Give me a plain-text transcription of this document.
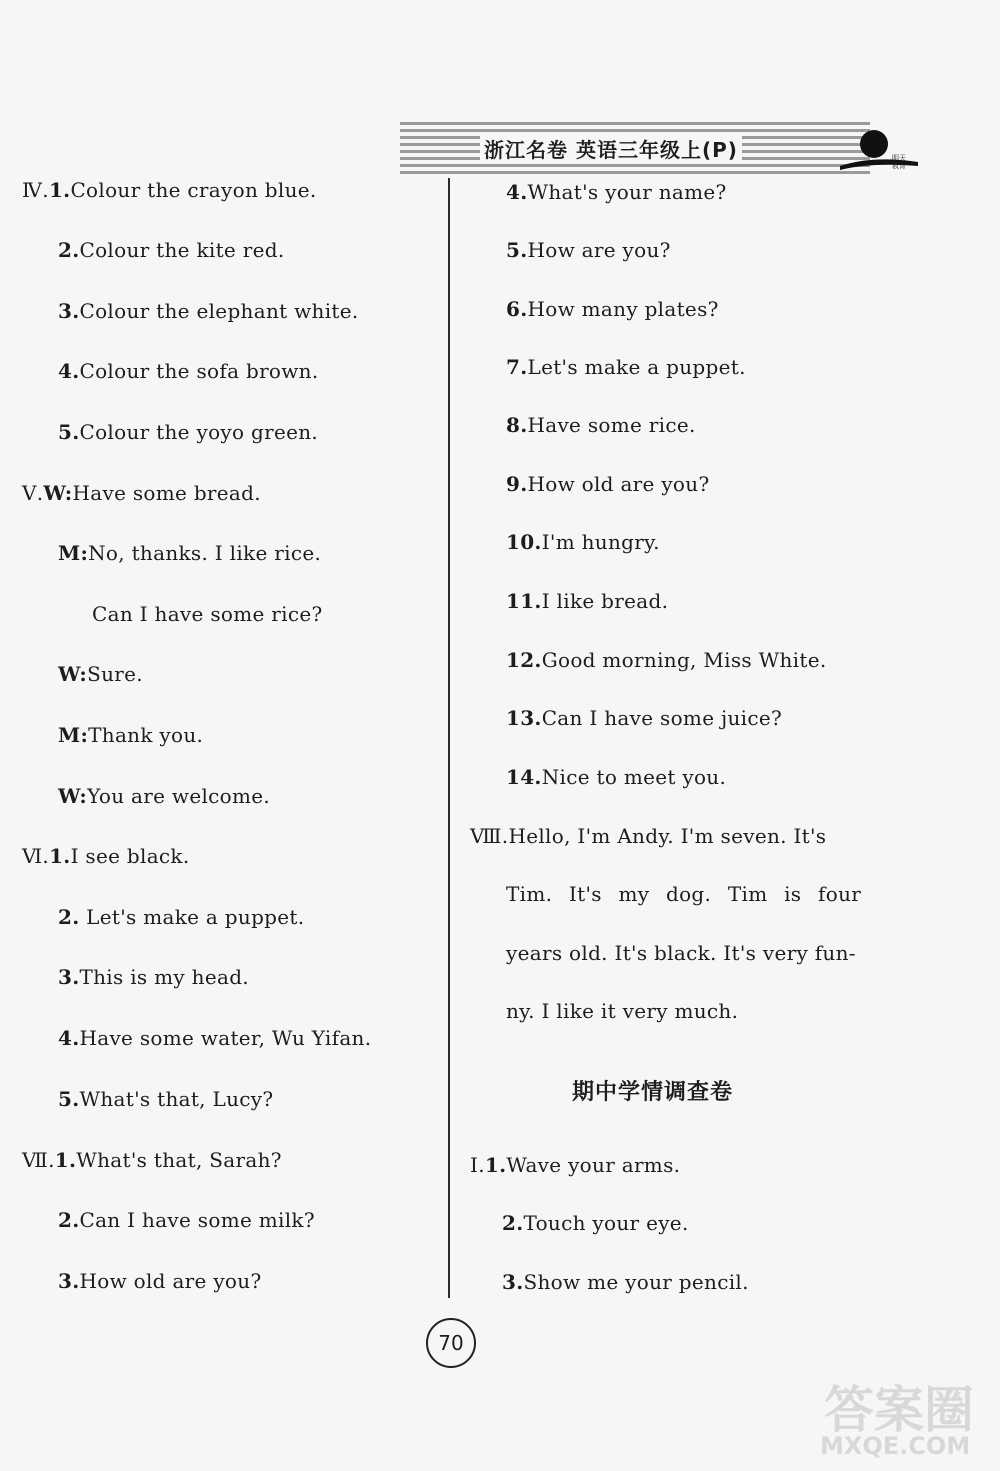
浙江名卷 英语三年级上(P)	明天教育
Ⅳ.1.Colour the crayon blue.
2.Colour the kite red.
3.Colour the elephant white.
4.Colour the sofa brown.
5.Colour the yoyo green.
Ⅴ.W:Have some bread.
M:No, thanks. I like rice.
Can I have some rice?
W:Sure.
M:Thank you.
W:You are welcome.
Ⅵ.1.I see black.
2. Let's make a puppet.
3.This is my head.
4.Have some water, Wu Yifan.
5.What's that, Lucy?
Ⅶ.1.What's that, Sarah?
2.Can I have some milk?
3.How old are you?
4.What's your name?
5.How are you?
6.How many plates?
7.Let's make a puppet.
8.Have some rice.
9.How old are you?
10.I'm hungry.
11.I like bread.
12.Good morning, Miss White.
13.Can I have some juice?
14.Nice to meet you.
Ⅷ.Hello, I'm Andy. I'm seven. It's
Tim. It's my dog. Tim is four
years old. It's black. It's very fun-
ny. I like it very much.
期中学情调查卷
Ⅰ.1.Wave your arms.
2.Touch your eye.
3.Show me your pencil.
70
答案圈
MXQE.COM
